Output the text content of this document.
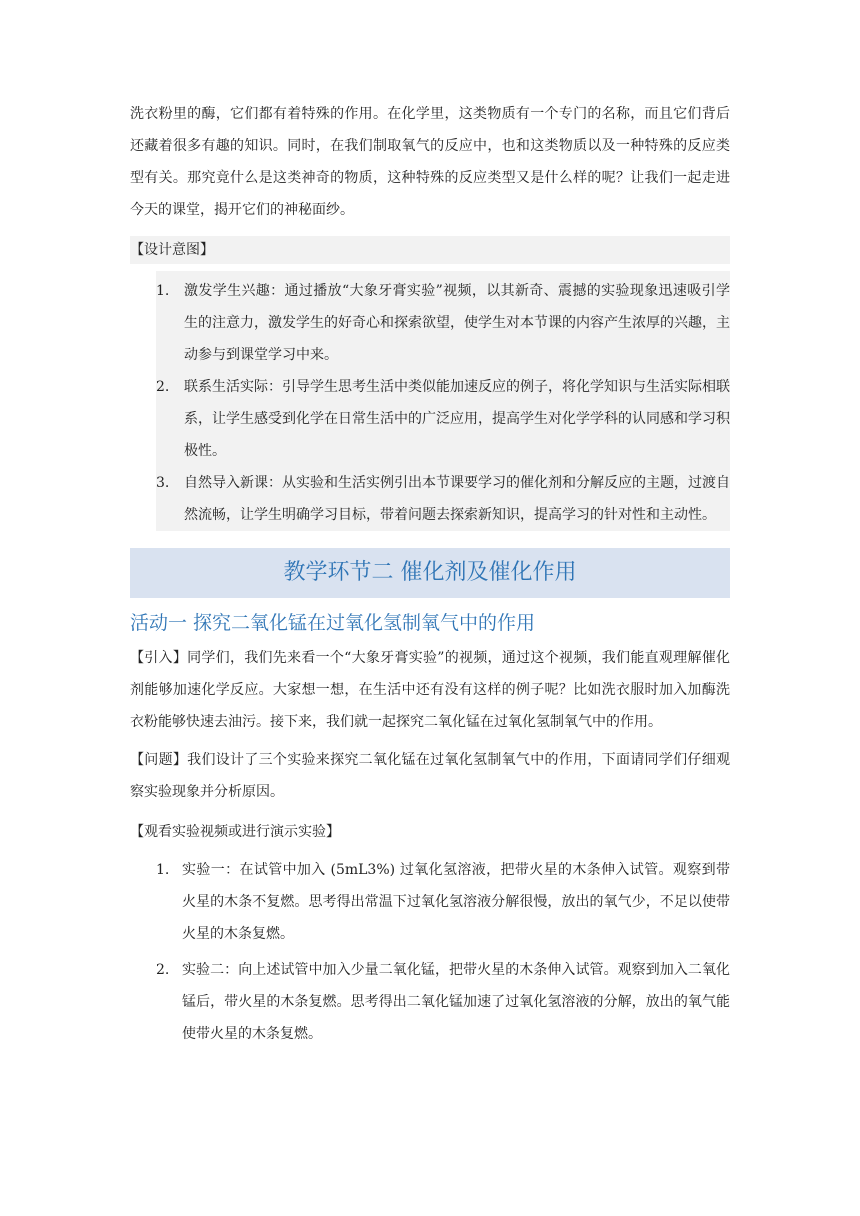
洗衣粉里的酶，它们都有着特殊的作用。在化学里，这类物质有一个专门的名称，而且它们背后还藏着很多有趣的知识。同时，在我们制取氧气的反应中，也和这类物质以及一种特殊的反应类型有关。那究竟什么是这类神奇的物质，这种特殊的反应类型又是什么样的呢？让我们一起走进今天的课堂，揭开它们的神秘面纱。

【设计意图】
1. 激发学生兴趣：通过播放“大象牙膏实验”视频，以其新奇、震撼的实验现象迅速吸引学生的注意力，激发学生的好奇心和探索欲望，使学生对本节课的内容产生浓厚的兴趣，主动参与到课堂学习中来。
2. 联系生活实际：引导学生思考生活中类似能加速反应的例子，将化学知识与生活实际相联系，让学生感受到化学在日常生活中的广泛应用，提高学生对化学学科的认同感和学习积极性。
3. 自然导入新课：从实验和生活实例引出本节课要学习的催化剂和分解反应的主题，过渡自然流畅，让学生明确学习目标，带着问题去探索新知识，提高学习的针对性和主动性。
教学环节二 催化剂及催化作用
活动一 探究二氧化锰在过氧化氢制氧气中的作用

【引入】同学们，我们先来看一个“大象牙膏实验”的视频，通过这个视频，我们能直观理解催化剂能够加速化学反应。大家想一想，在生活中还有没有这样的例子呢？比如洗衣服时加入加酶洗衣粉能够快速去油污。接下来，我们就一起探究二氧化锰在过氧化氢制氧气中的作用。

【问题】我们设计了三个实验来探究二氧化锰在过氧化氢制氧气中的作用，下面请同学们仔细观察实验现象并分析原因。

【观看实验视频或进行演示实验】
1. 实验一：在试管中加入 (5mL3%) 过氧化氢溶液，把带火星的木条伸入试管。观察到带火星的木条不复燃。思考得出常温下过氧化氢溶液分解很慢，放出的氧气少，不足以使带火星的木条复燃。
2. 实验二：向上述试管中加入少量二氧化锰，把带火星的木条伸入试管。观察到加入二氧化锰后，带火星的木条复燃。思考得出二氧化锰加速了过氧化氢溶液的分解，放出的氧气能使带火星的木条复燃。
